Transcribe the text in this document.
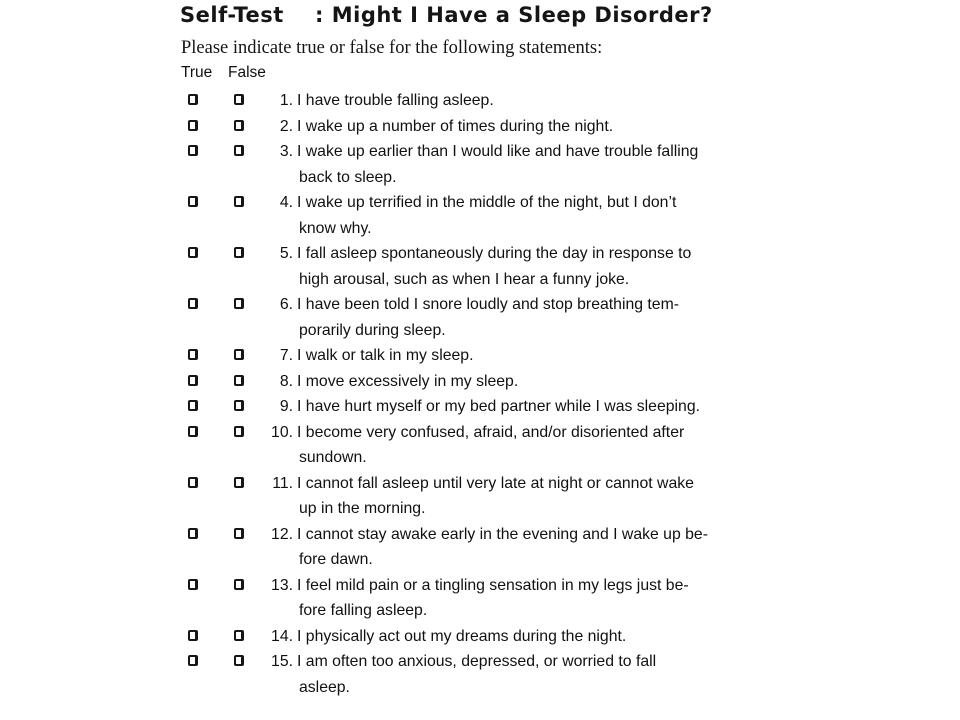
Self-Test    : Might I Have a Sleep Disorder?
Please indicate true or false for the following statements:
True False
1. I have trouble falling asleep.
2. I wake up a number of times during the night.
3. I wake up earlier than I would like and have trouble falling
back to sleep.
4. I wake up terrified in the middle of the night, but I don’t
know why.
5. I fall asleep spontaneously during the day in response to
high arousal, such as when I hear a funny joke.
6. I have been told I snore loudly and stop breathing tem-
porarily during sleep.
7. I walk or talk in my sleep.
8. I move excessively in my sleep.
9. I have hurt myself or my bed partner while I was sleeping.
10. I become very confused, afraid, and/or disoriented after
sundown.
11. I cannot fall asleep until very late at night or cannot wake
up in the morning.
12. I cannot stay awake early in the evening and I wake up be-
fore dawn.
13. I feel mild pain or a tingling sensation in my legs just be-
fore falling asleep.
14. I physically act out my dreams during the night.
15. I am often too anxious, depressed, or worried to fall
asleep.
